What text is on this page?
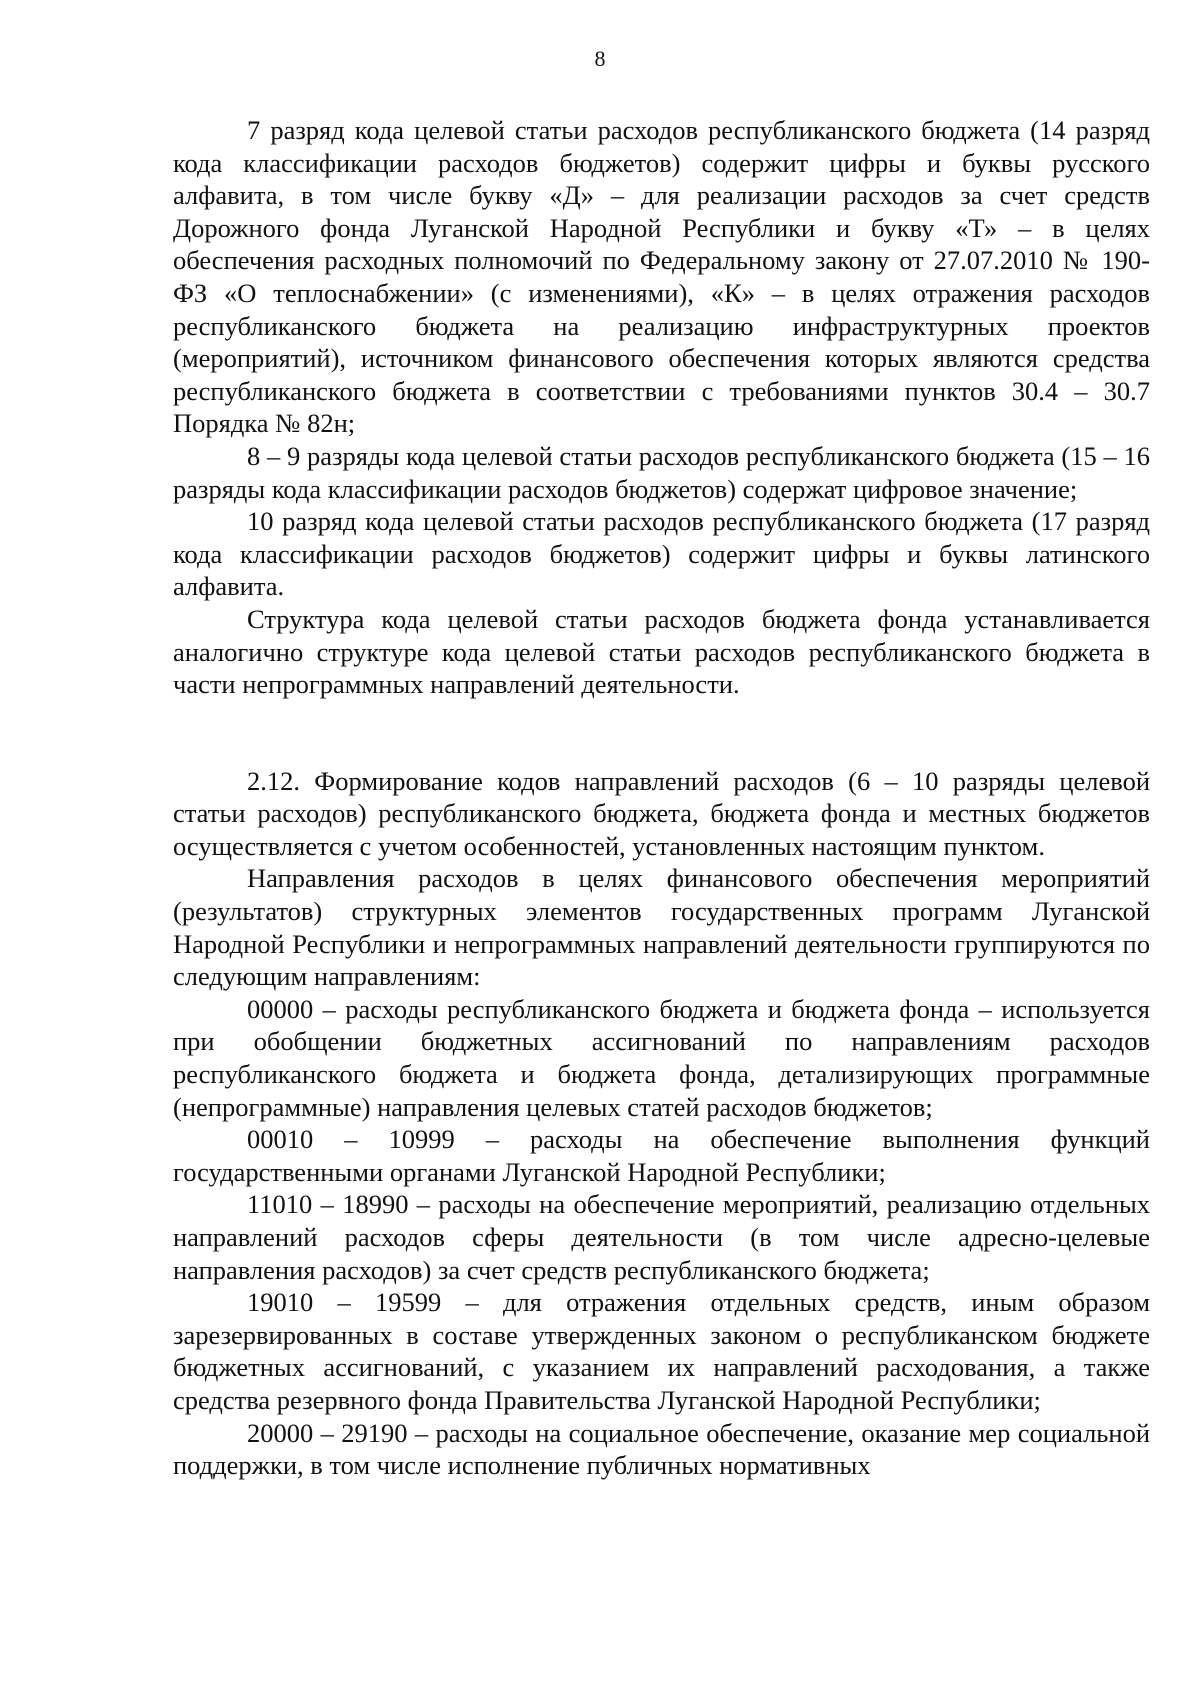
8

7 разряд кода целевой статьи расходов республиканского бюджета (14 разряд кода классификации расходов бюджетов) содержит цифры и буквы русского алфавита, в том числе букву «Д» – для реализации расходов за счет средств Дорожного фонда Луганской Народной Республики и букву «Т» – в целях обеспечения расходных полномочий по Федеральному закону от 27.07.2010 № 190-ФЗ «О теплоснабжении» (с изменениями), «К» – в целях отражения расходов республиканского бюджета на реализацию инфраструктурных проектов (мероприятий), источником финансового обеспечения которых являются средства республиканского бюджета в соответствии с требованиями пунктов 30.4 – 30.7 Порядка № 82н;

8 – 9 разряды кода целевой статьи расходов республиканского бюджета (15 – 16 разряды кода классификации расходов бюджетов) содержат цифровое значение;

10 разряд кода целевой статьи расходов республиканского бюджета (17 разряд кода классификации расходов бюджетов) содержит цифры и буквы латинского алфавита.

Структура кода целевой статьи расходов бюджета фонда устанавливается аналогично структуре кода целевой статьи расходов республиканского бюджета в части непрограммных направлений деятельности.

2.12. Формирование кодов направлений расходов (6 – 10 разряды целевой статьи расходов) республиканского бюджета, бюджета фонда и местных бюджетов осуществляется с учетом особенностей, установленных настоящим пунктом.

Направления расходов в целях финансового обеспечения мероприятий (результатов) структурных элементов государственных программ Луганской Народной Республики и непрограммных направлений деятельности группируются по следующим направлениям:

00000 – расходы республиканского бюджета и бюджета фонда – используется при обобщении бюджетных ассигнований по направлениям расходов республиканского бюджета и бюджета фонда, детализирующих программные (непрограммные) направления целевых статей расходов бюджетов;

00010 – 10999 – расходы на обеспечение выполнения функций государственными органами Луганской Народной Республики;

11010 – 18990 – расходы на обеспечение мероприятий, реализацию отдельных направлений расходов сферы деятельности (в том числе адресно-целевые направления расходов) за счет средств республиканского бюджета;

19010 – 19599 – для отражения отдельных средств, иным образом зарезервированных в составе утвержденных законом о республиканском бюджете бюджетных ассигнований, с указанием их направлений расходования, а также средства резервного фонда Правительства Луганской Народной Республики;

20000 – 29190 – расходы на социальное обеспечение, оказание мер социальной поддержки, в том числе исполнение публичных нормативных
